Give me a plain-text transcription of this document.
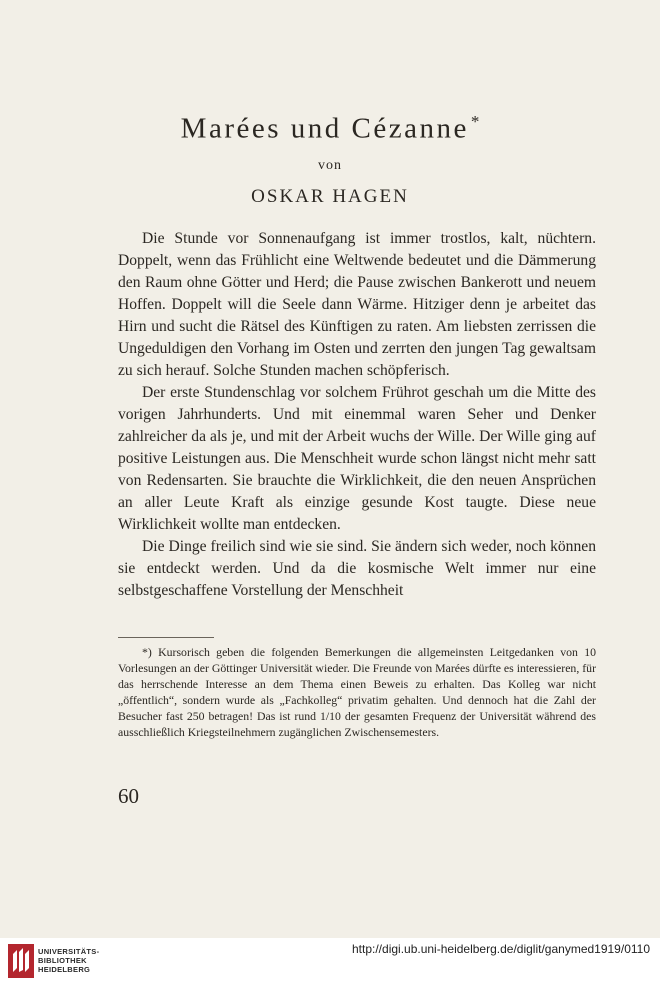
Marées und Cézanne *
von
OSKAR HAGEN

Die Stunde vor Sonnenaufgang ist immer trostlos, kalt, nüchtern. Doppelt, wenn das Frühlicht eine Weltwende bedeutet und die Dämmerung den Raum ohne Götter und Herd; die Pause zwischen Bankerott und neuem Hoffen. Doppelt will die Seele dann Wärme. Hitziger denn je arbeitet das Hirn und sucht die Rätsel des Künftigen zu raten. Am liebsten zerrissen die Ungeduldigen den Vorhang im Osten und zerrten den jungen Tag gewaltsam zu sich herauf. Solche Stunden machen schöpferisch.

Der erste Stundenschlag vor solchem Frührot geschah um die Mitte des vorigen Jahrhunderts. Und mit einemmal waren Seher und Denker zahlreicher da als je, und mit der Arbeit wuchs der Wille. Der Wille ging auf positive Leistungen aus. Die Menschheit wurde schon längst nicht mehr satt von Redensarten. Sie brauchte die Wirklichkeit, die den neuen Ansprüchen an aller Leute Kraft als einzige gesunde Kost taugte. Diese neue Wirklichkeit wollte man entdecken.

Die Dinge freilich sind wie sie sind. Sie ändern sich weder, noch können sie entdeckt werden. Und da die kosmische Welt immer nur eine selbstgeschaffene Vorstellung der Menschheit

*) Kursorisch geben die folgenden Bemerkungen die allgemeinsten Leitgedanken von 10 Vorlesungen an der Göttinger Universität wieder. Die Freunde von Marées dürfte es interessieren, für das herrschende Interesse an dem Thema einen Beweis zu erhalten. Das Kolleg war nicht „öffentlich“, sondern wurde als „Fachkolleg“ privatim gehalten. Und dennoch hat die Zahl der Besucher fast 250 betragen! Das ist rund 1/10 der gesamten Frequenz der Universität während des ausschließlich Kriegsteilnehmern zugänglichen Zwischensemesters.

60
UNIVERSITÄTS-
BIBLIOTHEK
HEIDELBERG
http://digi.ub.uni-heidelberg.de/diglit/ganymed1919/0110
